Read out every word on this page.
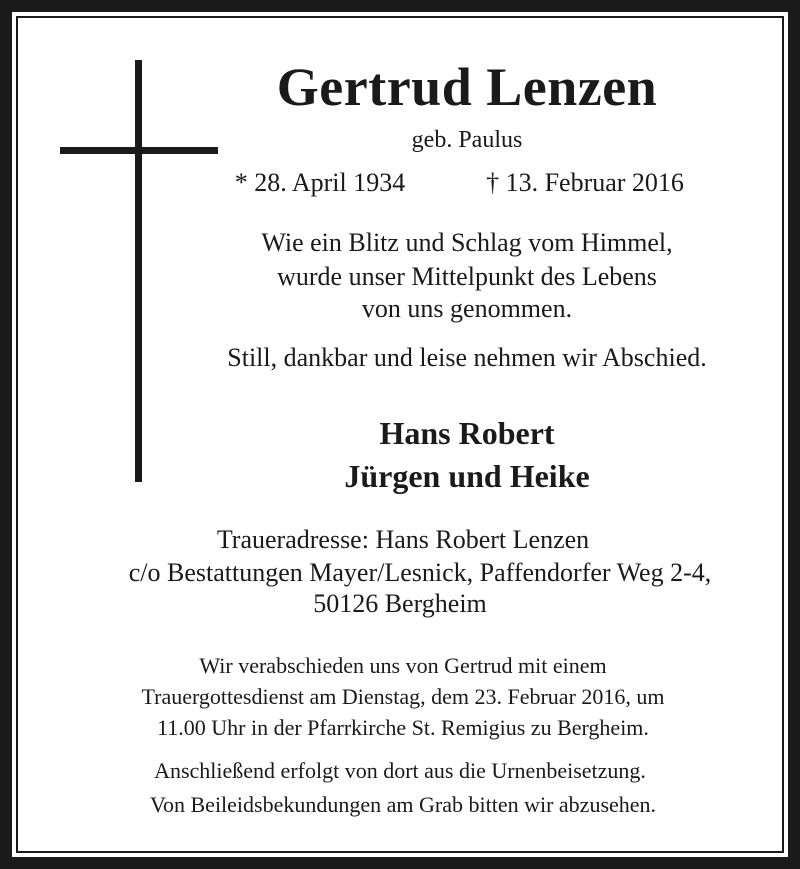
Gertrud Lenzen
geb. Paulus
* 28. April 1934	† 13. Februar 2016
Wie ein Blitz und Schlag vom Himmel,
wurde unser Mittelpunkt des Lebens
von uns genommen.
Still, dankbar und leise nehmen wir Abschied.
Hans Robert
Jürgen und Heike
Traueradresse: Hans Robert Lenzen
c/o Bestattungen Mayer/Lesnick, Paffendorfer Weg 2-4,
50126 Bergheim
Wir verabschieden uns von Gertrud mit einem
Trauergottesdienst am Dienstag, dem 23. Februar 2016, um
11.00 Uhr in der Pfarrkirche St. Remigius zu Bergheim.
Anschließend erfolgt von dort aus die Urnenbeisetzung.
Von Beileidsbekundungen am Grab bitten wir abzusehen.
